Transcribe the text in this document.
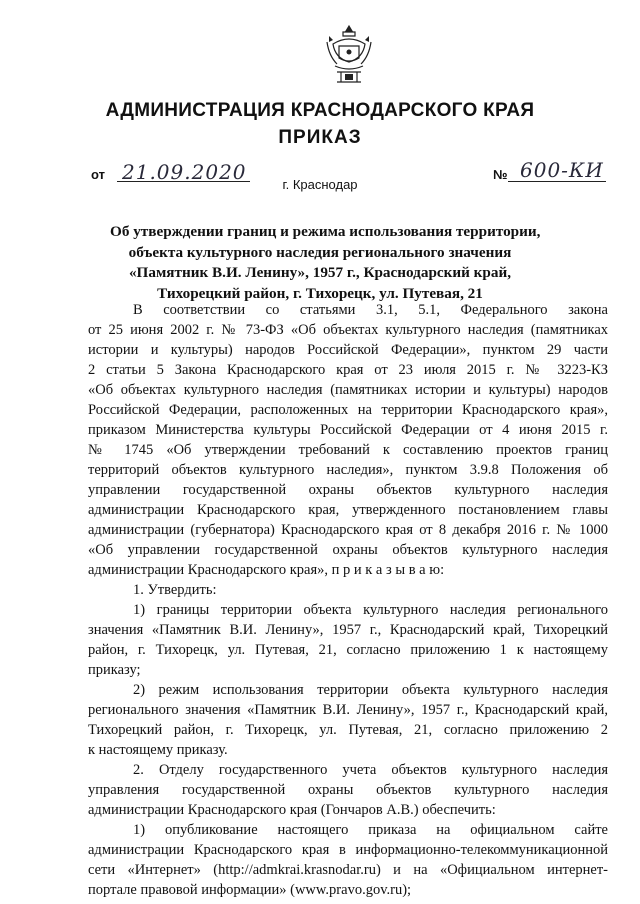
АДМИНИСТРАЦИЯ КРАСНОДАРСКОГО КРАЯ
ПРИКАЗ
от 21.09.2020	№ 600-КИ
г. Краснодар
Об утверждении границ и режима использования территории,
объекта культурного наследия регионального значения
«Памятник В.И. Ленину», 1957 г., Краснодарский край,
Тихорецкий район, г. Тихорецк, ул. Путевая, 21

В соответствии со статьями 3.1, 5.1, Федерального закона
от 25 июня 2002 г. № 73-ФЗ «Об объектах культурного наследия (памятниках
истории и культуры) народов Российской Федерации», пунктом 29 части
2 статьи 5 Закона Краснодарского края от 23 июля 2015 г. № 3223-КЗ
«Об объектах культурного наследия (памятниках истории и культуры) народов
Российской Федерации, расположенных на территории Краснодарского края»,
приказом Министерства культуры Российской Федерации от 4 июня 2015 г.
№ 1745 «Об утверждении требований к составлению проектов границ
территорий объектов культурного наследия», пунктом 3.9.8 Положения об
управлении государственной охраны объектов культурного наследия
администрации Краснодарского края, утвержденного постановлением главы
администрации (губернатора) Краснодарского края от 8 декабря 2016 г. № 1000
«Об управлении государственной охраны объектов культурного наследия
администрации Краснодарского края», п р и к а з ы в а ю:

1. Утвердить:

1) границы территории объекта культурного наследия регионального
значения «Памятник В.И. Ленину», 1957 г., Краснодарский край, Тихорецкий
район, г. Тихорецк, ул. Путевая, 21, согласно приложению 1 к настоящему
приказу;

2) режим использования территории объекта культурного наследия
регионального значения «Памятник В.И. Ленину», 1957 г., Краснодарский край,
Тихорецкий район, г. Тихорецк, ул. Путевая, 21, согласно приложению 2
к настоящему приказу.

2. Отделу государственного учета объектов культурного наследия
управления государственной охраны объектов культурного наследия
администрации Краснодарского края (Гончаров А.В.) обеспечить:

1) опубликование настоящего приказа на официальном сайте
администрации Краснодарского края в информационно-телекоммуникационной
сети «Интернет» (http://admkrai.krasnodar.ru) и на «Официальном интернет-
портале правовой информации» (www.pravo.gov.ru);
